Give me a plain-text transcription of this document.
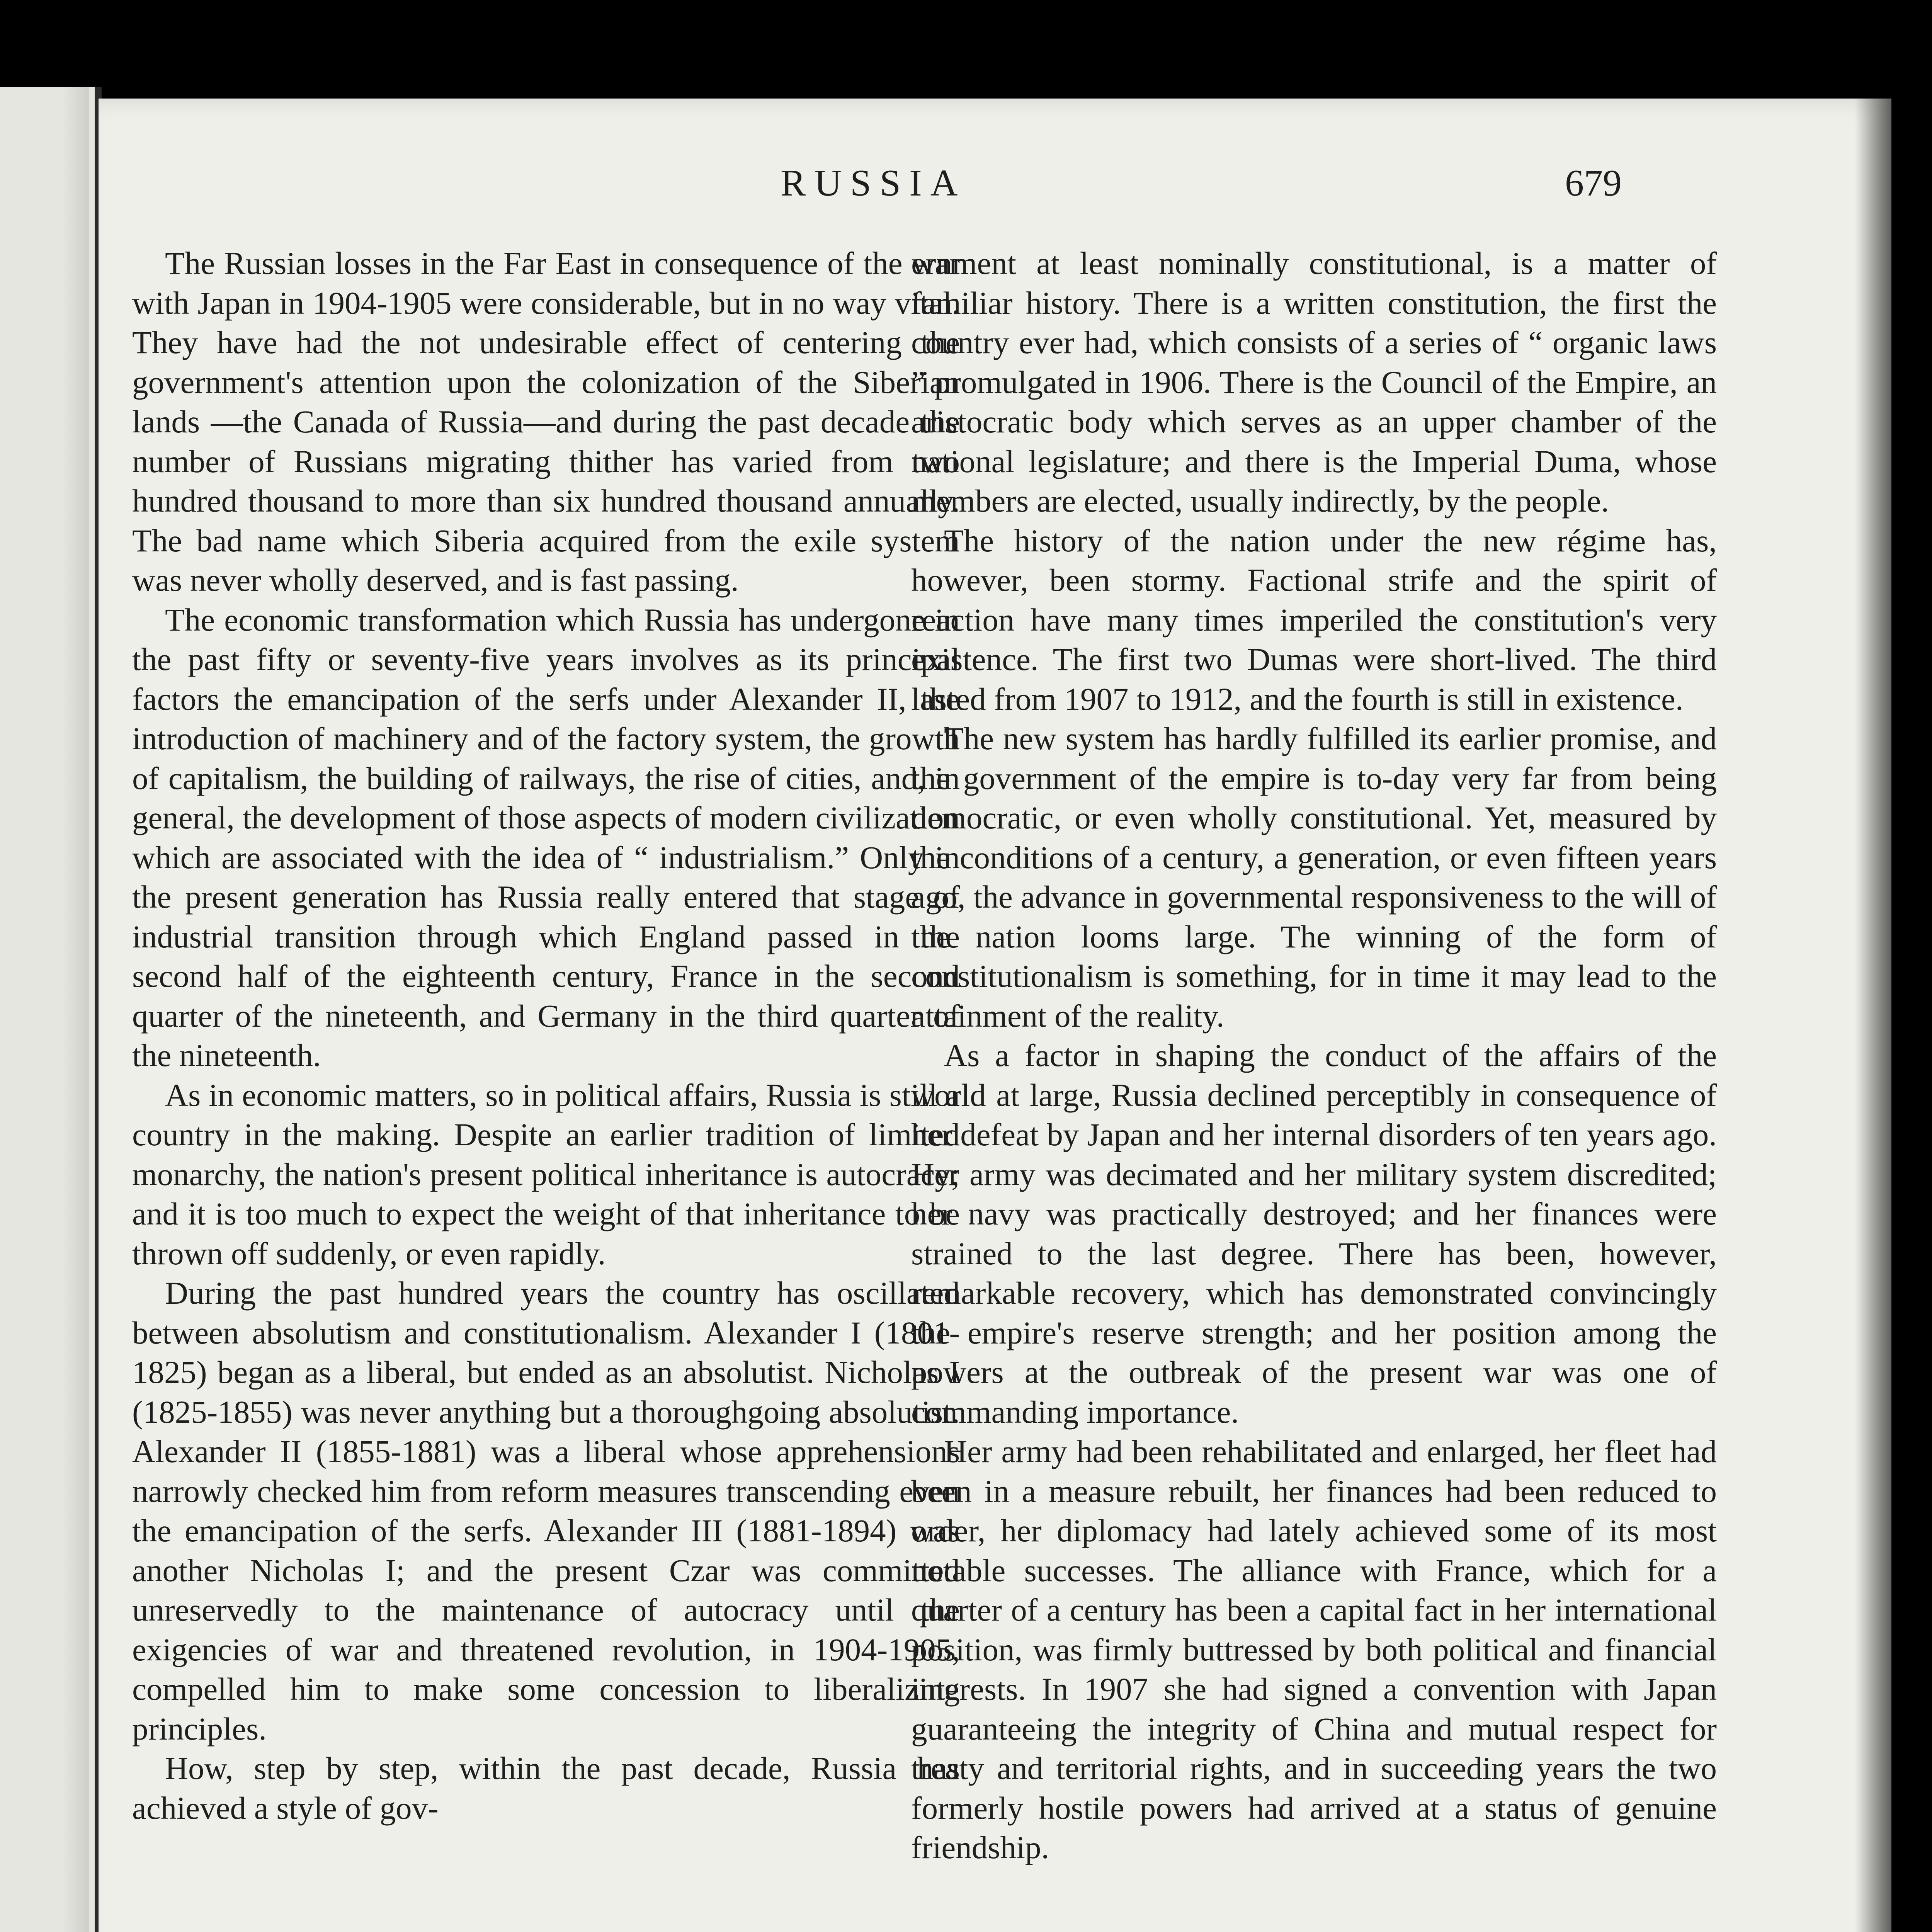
RUSSIA	679

The Russian losses in the Far East in consequence of the war with Japan in 1904-1905 were considerable, but in no way vital. They have had the not undesirable effect of centering the government's attention upon the colonization of the Siberian lands —the Canada of Russia—and during the past decade the number of Russians migrating thither has varied from two hundred thousand to more than six hundred thousand annually. The bad name which Siberia acquired from the exile system was never wholly deserved, and is fast passing.

The economic transformation which Russia has undergone in the past fifty or seventy-five years involves as its principal factors the emancipation of the serfs under Alexander II, the introduction of machinery and of the factory system, the growth of capitalism, the building of railways, the rise of cities, and, in general, the development of those aspects of modern civilization which are associated with the idea of “ industrialism.” Only in the present generation has Russia really entered that stage of industrial transition through which England passed in the second half of the eighteenth century, France in the second quarter of the nineteenth, and Germany in the third quarter of the nineteenth.

As in economic matters, so in political affairs, Russia is still a country in the making. Despite an earlier tradition of limited monarchy, the nation's present political inheritance is autocracy; and it is too much to expect the weight of that inheritance to be thrown off suddenly, or even rapidly.

During the past hundred years the country has oscillated between absolutism and constitutionalism. Alexander I (1801-1825) began as a liberal, but ended as an absolutist. Nicholas I (1825-1855) was never anything but a thoroughgoing absolutist. Alexander II (1855-1881) was a liberal whose apprehensions narrowly checked him from reform measures transcending even the emancipation of the serfs. Alexander III (1881-1894) was another Nicholas I; and the present Czar was committed unreservedly to the maintenance of autocracy until the exigencies of war and threatened revolution, in 1904-1905, compelled him to make some concession to liberalizing principles.

How, step by step, within the past decade, Russia has achieved a style of gov-

ernment at least nominally constitutional, is a matter of familiar history. There is a written constitution, the first the country ever had, which consists of a series of “ organic laws ” promulgated in 1906. There is the Council of the Empire, an aristocratic body which serves as an upper chamber of the national legislature; and there is the Imperial Duma, whose members are elected, usually indirectly, by the people.

The history of the nation under the new régime has, however, been stormy. Factional strife and the spirit of reaction have many times imperiled the constitution's very existence. The first two Dumas were short-lived. The third lasted from 1907 to 1912, and the fourth is still in existence.

The new system has hardly fulfilled its earlier promise, and the government of the empire is to-day very far from being democratic, or even wholly constitutional. Yet, measured by the conditions of a century, a generation, or even fifteen years ago, the advance in governmental responsiveness to the will of the nation looms large. The winning of the form of constitutionalism is something, for in time it may lead to the attainment of the reality.

As a factor in shaping the conduct of the affairs of the world at large, Russia declined perceptibly in consequence of her defeat by Japan and her internal disorders of ten years ago. Her army was decimated and her military system discredited; her navy was practically destroyed; and her finances were strained to the last degree. There has been, however, remarkable recovery, which has demonstrated convincingly the empire's reserve strength; and her position among the powers at the outbreak of the present war was one of commanding importance.

Her army had been rehabilitated and enlarged, her fleet had been in a measure rebuilt, her finances had been reduced to order, her diplomacy had lately achieved some of its most notable successes. The alliance with France, which for a quarter of a century has been a capital fact in her international position, was firmly buttressed by both political and financial interests. In 1907 she had signed a convention with Japan guaranteeing the integrity of China and mutual respect for treaty and territorial rights, and in succeeding years the two formerly hostile powers had arrived at a status of genuine friendship.
